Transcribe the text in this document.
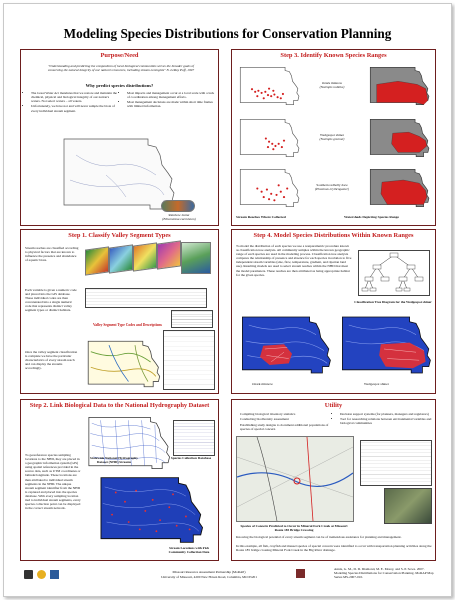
Modeling Species Distributions for Conservation Planning
Purpose/Need
"Understanding and predicting the composition of local biological communities serves the broader goals of conserving the natural integrity of our nation's resources, including stream ecologists" N. LeRoy Poff, 1997
Why predict species distributions?
• The Great Water Act mandates that we restore and maintain the chemical, physical and biological integrity of our nation's waters. Not select waters – all waters.
• Unfortunately, we have not and will never sample the biota of every individual stream segment.
• Most impacts and management occur at a local scale with a lack of coordination among management efforts.
• Most management decisions are made within short time frames with limited information.
Rainbow darter
(Etheostoma caeruleum)
Step 3. Identify Known Species Ranges
Ozark minnow
(Notropis nubilus)
Wedgespot shiner
(Notropis greenei)
Southern redbelly dace
(Phoxinus erythrogaster)
Stream Reaches Where Collected	Watersheds Depicting Species Range
Step 1. Classify Valley Segment Types
Stream reaches are classified according to physical factors that are known to influence the presence and abundance of aquatic biota.
Each variable is given a numeric code and placed into the GIS database. These individual codes are then concatenated into a single numeric code that represents distinct valley segment types or distinct habitats.
Once the valley segment classification is complete we have the particular characteristics of every stream reach and can display the streams accordingly.
Valley Segment Type Codes and Descriptions
Step 4. Model Species Distributions Within Known Ranges
To model the distribution of each species we use a nonparametric procedure known as classification tree analysis. All community samples within the known geographic range of each species are used in the modeling process. Classification tree analysis compares the relationship of presence and absence for each species in relation to five independent stream variables (size, flow, temperature, gradient, and riparian land use). Resulting models are used to select stream reaches within the NHD that meet the model parameters. These reaches are then attributed as being appropriate habitat for the given species.
Classification Tree Diagram for the Wedgespot shiner
Ozark minnow	Wedgespot shiner
Step 2. Link Biological Data to the National Hydrography Dataset
To georeference species sampling locations to the NHD, they are placed in a geographic information system (GIS) using spatial references provided in the source data, such as UTM coordinates or latitude/longitude. These locations are then attributed to individual stream segments in the NHD. The unique stream segment identifier from the NHD is captured and placed into the species database. With every sampling location tied to individual stream segments, every species collection point can be displayed in the correct stream network.
Statewide National Hydrography Dataset (NHD) Streams
Species Collection Database
Stream Locations with Fish Community Collection Data
Utility
• Compiling biological inventory statistics
• Conducting biodiversity assessment
• Establishing study designs to document additional populations of species of special concern
• Decision support systems (for planners, managers and regulators)
• Tool for researching relations between environmental variables and biological communities
Species of Concern Predicted to Occur in Mineral Fork Creek at Missouri Route 185 Bridge Crossing
Knowing the biological potential of every stream segment can be of tremendous assistance for planning and management.
In this example, all fish, crayfish and mussel species of special concern were identified to occur with transportation planning activities along the Route 185 bridge crossing Mineral Fork Creek in the Big River drainage.
Missouri Resource Assessment Partnership (MoRAP)
University of Missouri, 4200 New Haven Road, Columbia, MO 65201
Annis, G. M., D. D. Diamond, M. E. Morey, and S. P. Sowa. 2007. Modeling Species Distributions for Conservation Planning. MoRAP Map Series MS-2007-010.
